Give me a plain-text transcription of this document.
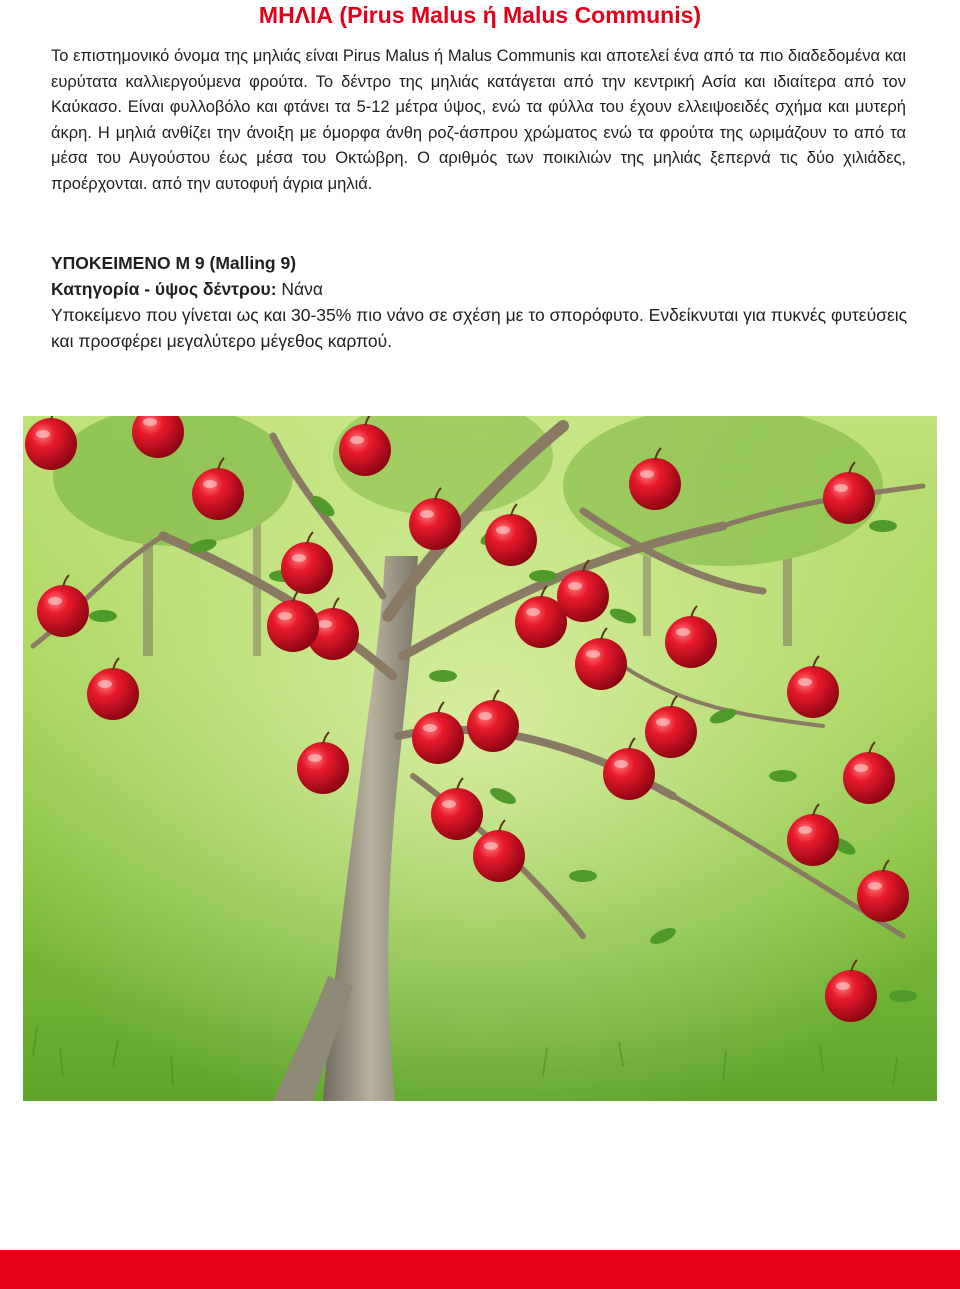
ΜΗΛΙΑ (Pirus Malus ή Malus Communis)

Το επιστημονικό όνομα της μηλιάς είναι Pirus Malus ή Malus Communis και αποτελεί ένα από τα πιο διαδεδομένα και ευρύτατα καλλιεργούμενα φρούτα. Το δέντρο της μηλιάς κατάγεται από την κεντρική Ασία και ιδιαίτερα από τον Καύκασο. Είναι φυλλοβόλο και φτάνει τα 5-12 μέτρα ύψος, ενώ τα φύλλα του έχουν ελλειψοειδές σχήμα και μυτερή άκρη. Η μηλιά ανθίζει την άνοιξη με όμορφα άνθη ροζ-άσπρου χρώματος ενώ τα φρούτα της ωριμάζουν το από τα μέσα του Αυγούστου έως μέσα του Οκτώβρη. Ο αριθμός των ποικιλιών της μηλιάς ξεπερνά τις δύο χιλιάδες, προέρχονται. από την αυτοφυή άγρια μηλιά.

ΥΠΟΚΕΙΜΕΝΟ Μ 9 (Malling 9)

Κατηγορία - ύψος δέντρου: Νάνα

Υποκείμενο που γίνεται ως και 30-35% πιο νάνο σε σχέση με το σπορόφυτο. Ενδείκνυται για πυκνές φυτεύσεις και προσφέρει μεγαλύτερο μέγεθος καρπού.
